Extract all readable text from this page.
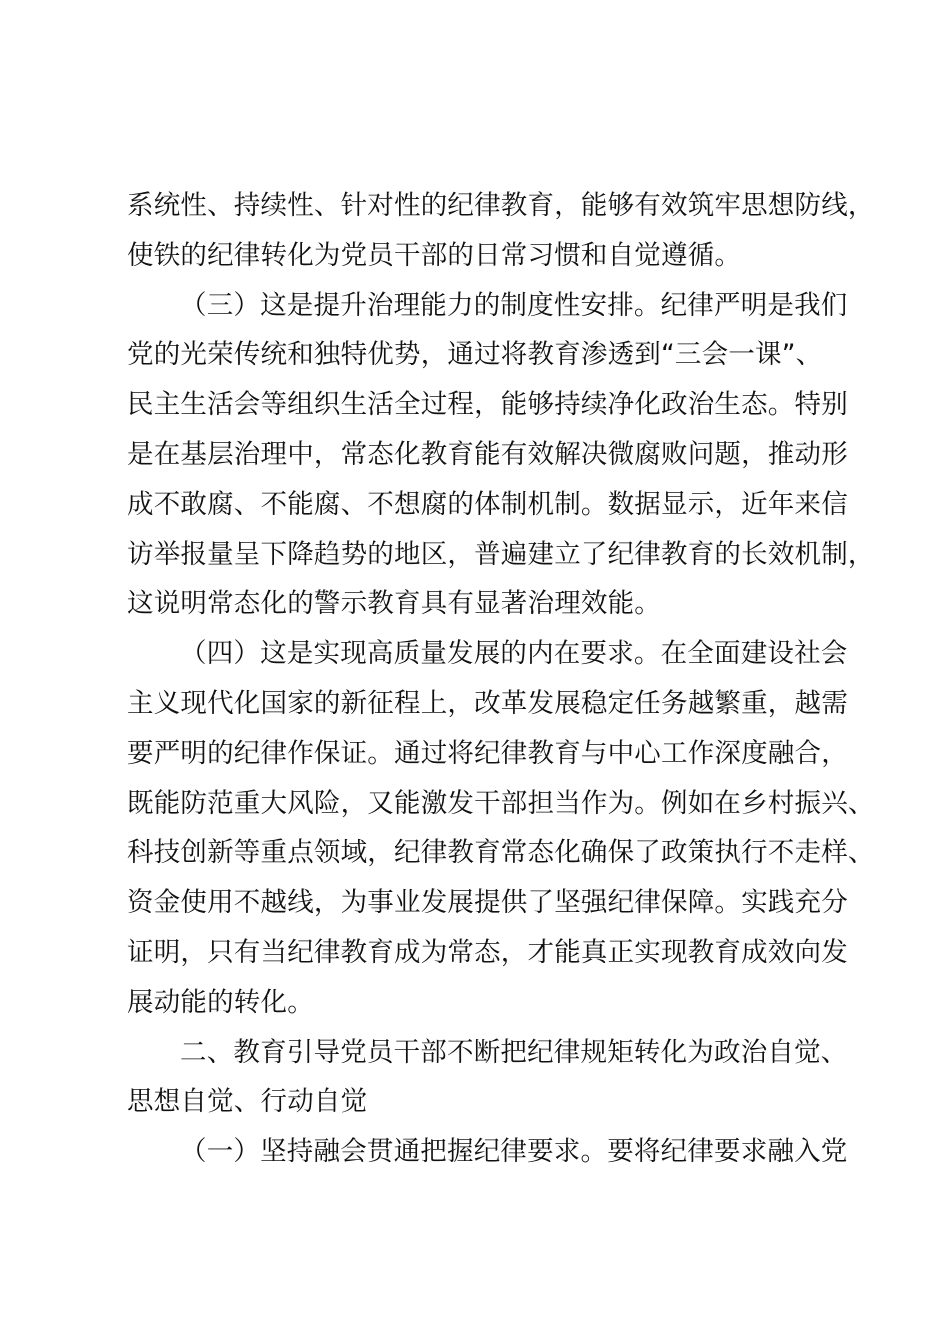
系统性、持续性、针对性的纪律教育，能够有效筑牢思想防线，
使铁的纪律转化为党员干部的日常习惯和自觉遵循。
（三）这是提升治理能力的制度性安排。纪律严明是我们
党的光荣传统和独特优势，通过将教育渗透到“三会一课”、
民主生活会等组织生活全过程，能够持续净化政治生态。特别
是在基层治理中，常态化教育能有效解决微腐败问题，推动形
成不敢腐、不能腐、不想腐的体制机制。数据显示，近年来信
访举报量呈下降趋势的地区，普遍建立了纪律教育的长效机制，
这说明常态化的警示教育具有显著治理效能。
（四）这是实现高质量发展的内在要求。在全面建设社会
主义现代化国家的新征程上，改革发展稳定任务越繁重，越需
要严明的纪律作保证。通过将纪律教育与中心工作深度融合，
既能防范重大风险，又能激发干部担当作为。例如在乡村振兴、
科技创新等重点领域，纪律教育常态化确保了政策执行不走样、
资金使用不越线，为事业发展提供了坚强纪律保障。实践充分
证明，只有当纪律教育成为常态，才能真正实现教育成效向发
展动能的转化。
二、教育引导党员干部不断把纪律规矩转化为政治自觉、
思想自觉、行动自觉
（一）坚持融会贯通把握纪律要求。要将纪律要求融入党
